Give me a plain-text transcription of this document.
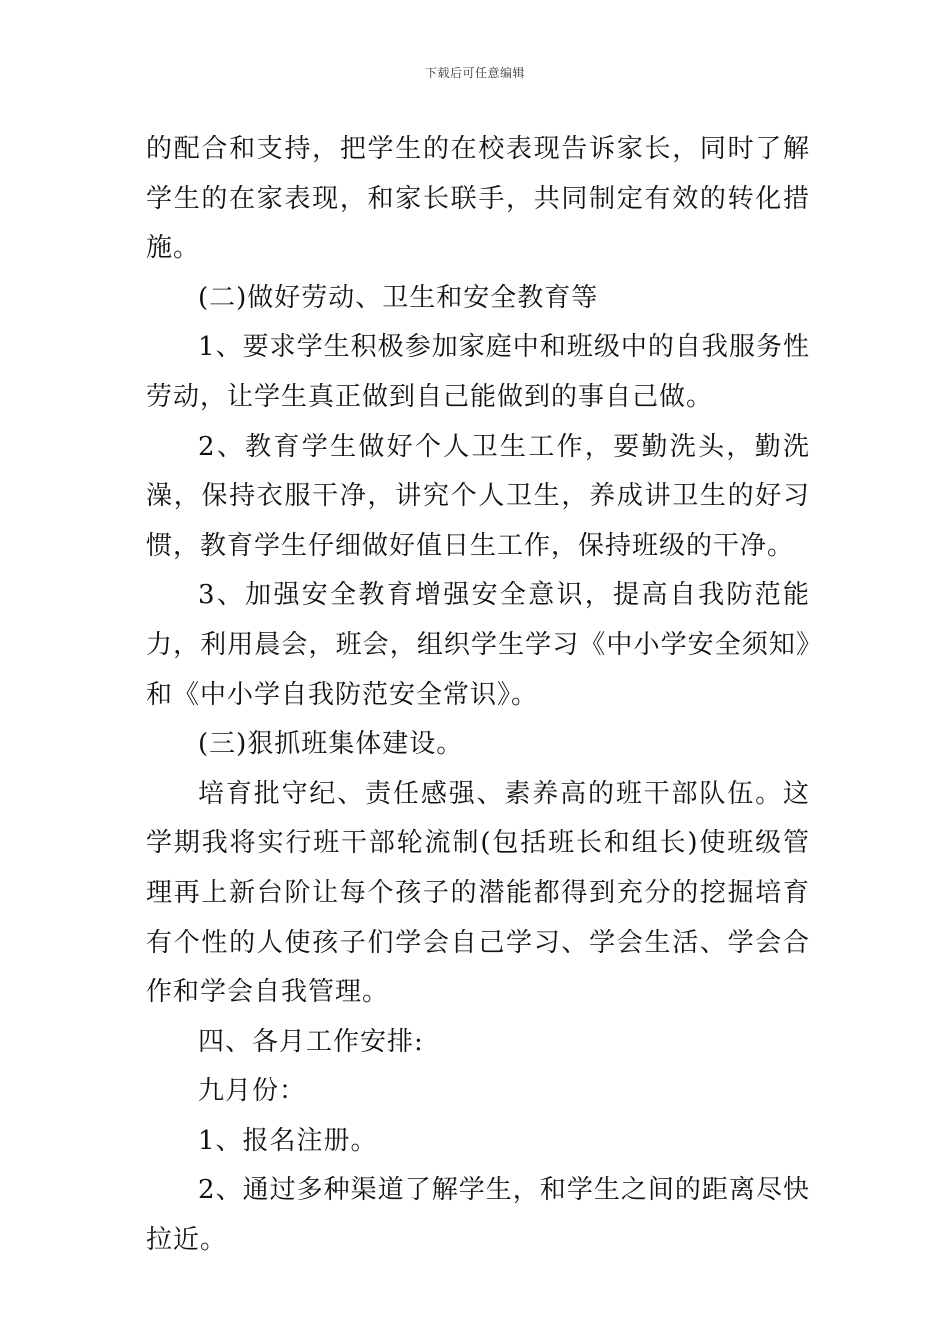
下载后可任意编辑

的配合和支持，把学生的在校表现告诉家长，同时了解学生的在家表现，和家长联手，共同制定有效的转化措施。

(二)做好劳动、卫生和安全教育等

1、要求学生积极参加家庭中和班级中的自我服务性劳动，让学生真正做到自己能做到的事自己做。

2、教育学生做好个人卫生工作，要勤洗头，勤洗澡，保持衣服干净，讲究个人卫生，养成讲卫生的好习惯，教育学生仔细做好值日生工作，保持班级的干净。

3、加强安全教育增强安全意识，提高自我防范能力，利用晨会，班会，组织学生学习《中小学安全须知》和《中小学自我防范安全常识》。

(三)狠抓班集体建设。

培育批守纪、责任感强、素养高的班干部队伍。这学期我将实行班干部轮流制(包括班长和组长)使班级管理再上新台阶让每个孩子的潜能都得到充分的挖掘培育有个性的人使孩子们学会自己学习、学会生活、学会合作和学会自我管理。

四、各月工作安排:

九月份：

1、报名注册。

2、通过多种渠道了解学生，和学生之间的距离尽快拉近。
